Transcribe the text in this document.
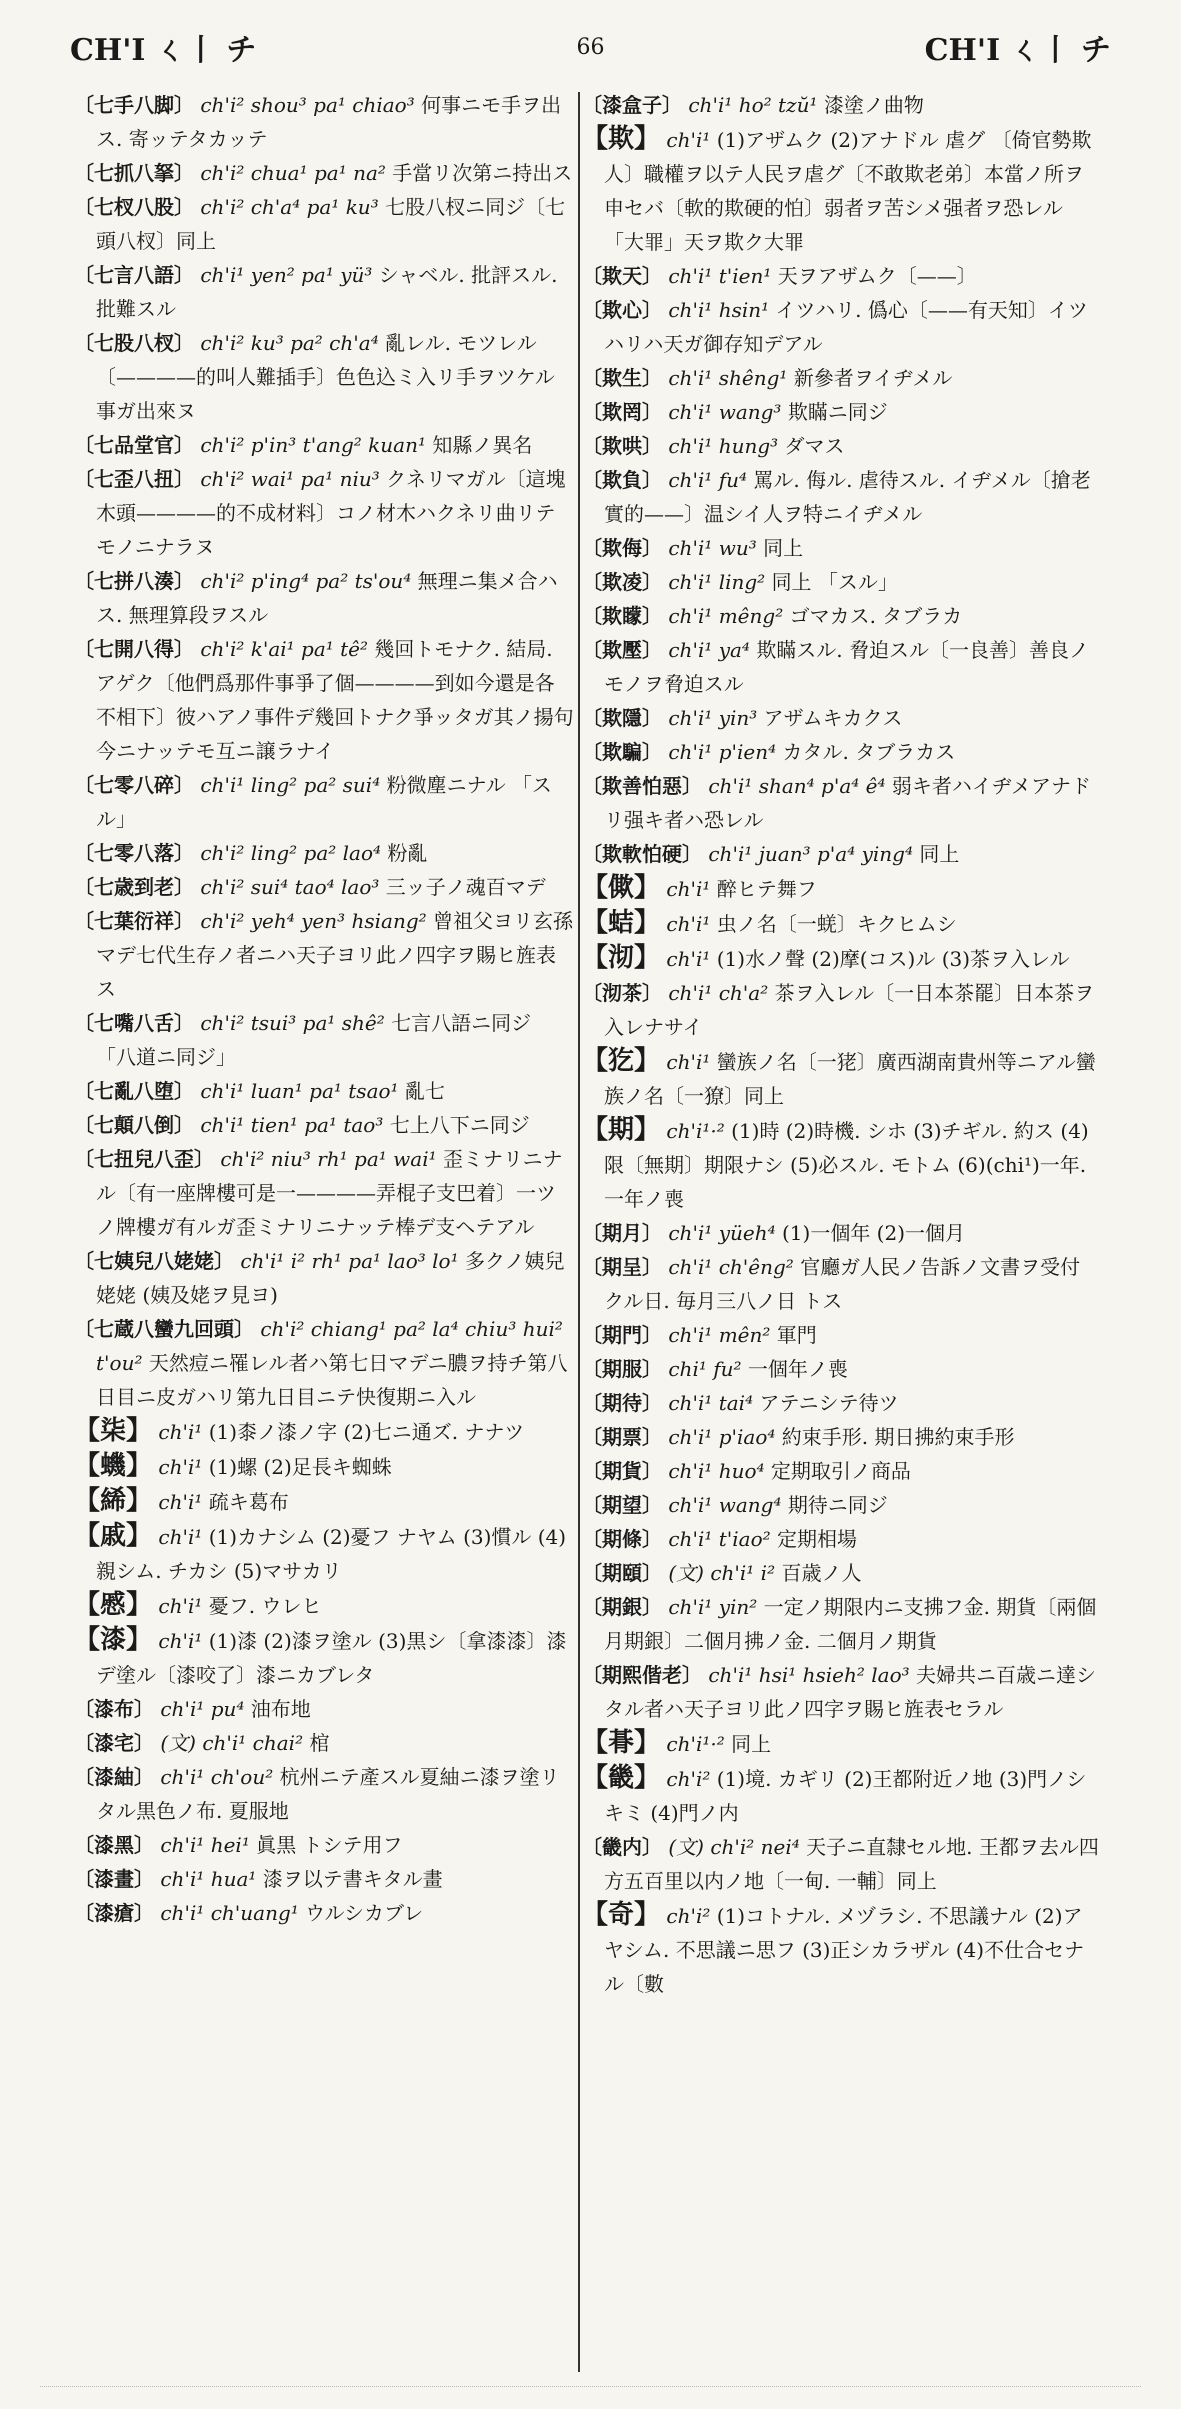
CH'I ㄑ丨 チ	66	CH'I ㄑ丨 チ

〔七手八脚〕 ch'i² shou³ pa¹ chiao³ 何事ニモ手ヲ出ス. 寄ッテタカッテ

〔七抓八拏〕 ch'i² chua¹ pa¹ na² 手當リ次第ニ持出ス

〔七杈八股〕 ch'i² ch'a⁴ pa¹ ku³ 七股八杈ニ同ジ〔七頭八杈〕同上

〔七言八語〕 ch'i¹ yen² pa¹ yü³ シャベル. 批評スル. 批難スル

〔七股八杈〕 ch'i² ku³ pa² ch'a⁴ 亂レル. モツレル〔————的叫人難插手〕色色込ミ入リ手ヲツケル事ガ出來ヌ

〔七品堂官〕 ch'i² p'in³ t'ang² kuan¹ 知縣ノ異名

〔七歪八扭〕 ch'i² wai¹ pa¹ niu³ クネリマガル〔這塊木頭————的不成材料〕コノ材木ハクネリ曲リテモノニナラヌ

〔七拼八湊〕 ch'i² p'ing⁴ pa² ts'ou⁴ 無理ニ集メ合ハス. 無理算段ヲスル

〔七開八得〕 ch'i² k'ai¹ pa¹ tê² 幾回トモナク. 結局. アゲク〔他們爲那件事爭了個————到如今還是各不相下〕彼ハアノ事件デ幾回トナク爭ッタガ其ノ揚句今ニナッテモ互ニ譲ラナイ

〔七零八碎〕 ch'i¹ ling² pa² sui⁴ 粉微塵ニナル 「スル」

〔七零八落〕 ch'i² ling² pa² lao⁴ 粉亂

〔七歳到老〕 ch'i² sui⁴ tao⁴ lao³ 三ッ子ノ魂百マデ

〔七葉衍祥〕 ch'i² yeh⁴ yen³ hsiang² 曾祖父ヨリ玄孫マデ七代生存ノ者ニハ天子ヨリ此ノ四字ヲ賜ヒ旌表ス

〔七嘴八舌〕 ch'i² tsui³ pa¹ shê² 七言八語ニ同ジ 「八道ニ同ジ」

〔七亂八堕〕 ch'i¹ luan¹ pa¹ tsao¹ 亂七

〔七顛八倒〕 ch'i¹ tien¹ pa¹ tao³ 七上八下ニ同ジ

〔七扭兒八歪〕 ch'i² niu³ rh¹ pa¹ wai¹ 歪ミナリニナル〔有一座牌樓可是一————弄棍子支巴着〕一ツノ牌樓ガ有ルガ歪ミナリニナッテ棒デ支ヘテアル

〔七姨兒八姥姥〕 ch'i¹ i² rh¹ pa¹ lao³ lo¹ 多クノ姨兒姥姥 (姨及姥ヲ見ヨ)

〔七蔵八蠻九回頭〕 ch'i² chiang¹ pa² la⁴ chiu³ hui² t'ou² 天然痘ニ罹レル者ハ第七日マデニ膿ヲ持チ第八日目ニ皮ガハリ第九日目ニテ快復期ニ入ル

【柒】 ch'i¹ (1)桼ノ漆ノ字 (2)七ニ通ズ. ナナツ

【蟣】 ch'i¹ (1)螺 (2)足長キ蜘蛛

【絺】 ch'i¹ 疏キ葛布

【戚】 ch'i¹ (1)カナシム (2)憂フ ナヤム (3)慣ル (4)親シム. チカシ (5)マサカリ

【慼】 ch'i¹ 憂フ. ウレヒ

【漆】 ch'i¹ (1)漆 (2)漆ヲ塗ル (3)黒シ〔拿漆漆〕漆デ塗ル〔漆咬了〕漆ニカブレタ

〔漆布〕 ch'i¹ pu⁴ 油布地

〔漆宅〕 (文) ch'i¹ chai² 棺

〔漆紬〕 ch'i¹ ch'ou² 杭州ニテ產スル夏紬ニ漆ヲ塗リタル黒色ノ布. 夏服地

〔漆黑〕 ch'i¹ hei¹ 眞黒 トシテ用フ

〔漆畫〕 ch'i¹ hua¹ 漆ヲ以テ書キタル畫

〔漆瘡〕 ch'i¹ ch'uang¹ ウルシカブレ

〔漆盒子〕 ch'i¹ ho² tzŭ¹ 漆塗ノ曲物

【欺】 ch'i¹ (1)アザムク (2)アナドル 虐グ 〔倚官勢欺人〕職權ヲ以テ人民ヲ虐グ〔不敢欺老弟〕本當ノ所ヲ申セバ〔軟的欺硬的怕〕弱者ヲ苦シメ强者ヲ恐レル 「大罪」天ヲ欺ク大罪

〔欺天〕 ch'i¹ t'ien¹ 天ヲアザムク〔——〕

〔欺心〕 ch'i¹ hsin¹ イツハリ. 僞心〔——有天知〕イツハリハ天ガ御存知デアル

〔欺生〕 ch'i¹ shêng¹ 新參者ヲイヂメル

〔欺罔〕 ch'i¹ wang³ 欺瞞ニ同ジ

〔欺哄〕 ch'i¹ hung³ ダマス

〔欺負〕 ch'i¹ fu⁴ 罵ル. 侮ル. 虐待スル. イヂメル〔搶老實的——〕温シイ人ヲ特ニイヂメル

〔欺侮〕 ch'i¹ wu³ 同上

〔欺凌〕 ch'i¹ ling² 同上 「スル」

〔欺矇〕 ch'i¹ mêng² ゴマカス. タブラカ

〔欺壓〕 ch'i¹ ya⁴ 欺瞞スル. 脅迫スル〔一良善〕善良ノモノヲ脅迫スル

〔欺隱〕 ch'i¹ yin³ アザムキカクス

〔欺騙〕 ch'i¹ p'ien⁴ カタル. タブラカス

〔欺善怕惡〕 ch'i¹ shan⁴ p'a⁴ ê⁴ 弱キ者ハイヂメアナドリ强キ者ハ恐レル

〔欺軟怕硬〕 ch'i¹ juan³ p'a⁴ ying⁴ 同上

【僛】 ch'i¹ 醉ヒテ舞フ

【蛣】 ch'i¹ 虫ノ名〔一蜣〕キクヒムシ

【沏】 ch'i¹ (1)水ノ聲 (2)摩(コス)ル (3)茶ヲ入レル

〔沏茶〕 ch'i¹ ch'a² 茶ヲ入レル〔一日本茶罷〕日本茶ヲ入レナサイ

【犵】 ch'i¹ 蠻族ノ名〔一狫〕廣西湖南貴州等ニアル蠻族ノ名〔一獠〕同上

【期】 ch'i¹·² (1)時 (2)時機. シホ (3)チギル. 約ス (4)限〔無期〕期限ナシ (5)必スル. モトム (6)(chi¹)一年. 一年ノ喪

〔期月〕 ch'i¹ yüeh⁴ (1)一個年 (2)一個月

〔期呈〕 ch'i¹ ch'êng² 官廳ガ人民ノ告訴ノ文書ヲ受付クル日. 毎月三八ノ日 トス

〔期門〕 ch'i¹ mên² 軍門

〔期服〕 chi¹ fu² 一個年ノ喪

〔期待〕 ch'i¹ tai⁴ アテニシテ待ツ

〔期票〕 ch'i¹ p'iao⁴ 約束手形. 期日拂約束手形

〔期貨〕 ch'i¹ huo⁴ 定期取引ノ商品

〔期望〕 ch'i¹ wang⁴ 期待ニ同ジ

〔期條〕 ch'i¹ t'iao² 定期相場

〔期頤〕 (文) ch'i¹ i² 百歳ノ人

〔期銀〕 ch'i¹ yin² 一定ノ期限内ニ支拂フ金. 期貨〔兩個月期銀〕二個月拂ノ金. 二個月ノ期貨

〔期熙偕老〕 ch'i¹ hsi¹ hsieh² lao³ 夫婦共ニ百歳ニ達シタル者ハ天子ヨリ此ノ四字ヲ賜ヒ旌表セラル

【朞】 ch'i¹·² 同上

【畿】 ch'i² (1)境. カギリ (2)王都附近ノ地 (3)門ノシキミ (4)門ノ内

〔畿内〕 (文) ch'i² nei⁴ 天子ニ直隸セル地. 王都ヲ去ル四方五百里以内ノ地〔一甸. 一輔〕同上

【奇】 ch'i² (1)コトナル. メヅラシ. 不思議ナル (2)アヤシム. 不思議ニ思フ (3)正シカラザル (4)不仕合セナル〔數
